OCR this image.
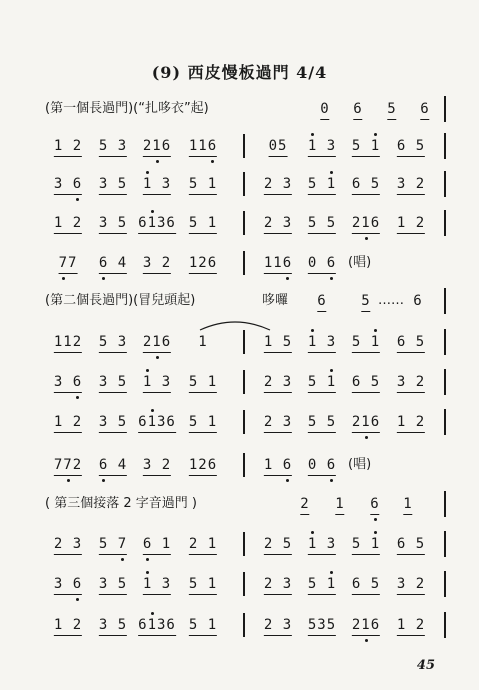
(9) 西皮慢板過門 4/4
(第一個長過門)(“扎哆衣”起)	0 6 5 6
1 2 5 3 216 116	05 1 3 5 1 6 5
3 6 3 5 1 3 5 1	2 3 5 1 6 5 3 2
1 2 3 5 6136 5 1	2 3 5 5 216 1 2
77 6 4 3 2 126	116 0 6 (唱)
(第二個長過門)(冒兒頭起)	哆囉 6 5 …… 6
112 5 3 216 1	1 5 1 3 5 1 6 5
3 6 3 5 1 3 5 1	2 3 5 1 6 5 3 2
1 2 3 5 6136 5 1	2 3 5 5 216 1 2
772 6 4 3 2 126	1 6 0 6 (唱)
( 第三個接落 2 字音過門 )	2 1 6 1
2 3 5 7 6 1 2 1	2 5 1 3 5 1 6 5
3 6 3 5 1 3 5 1	2 3 5 1 6 5 3 2
1 2 3 5 6136 5 1	2 3 535 216 1 2
45
